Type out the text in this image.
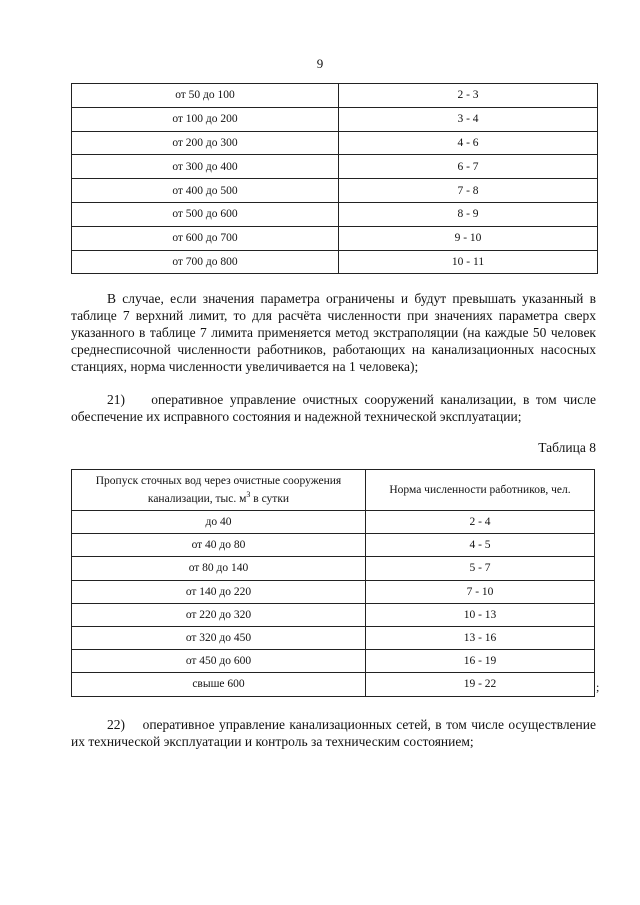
9
от 50 до 100	2 - 3
от 100 до 200	3 - 4
от 200 до 300	4 - 6
от 300 до 400	6 - 7
от 400 до 500	7 - 8
от 500 до 600	8 - 9
от 600 до 700	9 - 10
от 700 до 800	10 - 11

В случае, если значения параметра ограничены и будут превышать указанный в таблице 7 верхний лимит, то для расчёта численности при значениях параметра сверх указанного в таблице 7 лимита применяется метод экстраполяции (на каждые 50 человек среднесписочной численности работников, работающих на канализационных насосных станциях, норма численности увеличивается на 1 человека);

21)    оперативное управление очистных сооружений канализации, в том числе обеспечение их исправного состояния и надежной технической эксплуатации;

Таблица 8
Пропуск сточных вод через очистные сооружения
канализации, тыс. $м^3$ в сутки	Норма численности работников, чел.
до 40	2 - 4
от 40 до 80	4 - 5
от 80 до 140	5 - 7
от 140 до 220	7 - 10
от 220 до 320	10 - 13
от 320 до 450	13 - 16
от 450 до 600	16 - 19
свыше 600	19 - 22	;

22)    оперативное управление канализационных сетей, в том числе осуществление их технической эксплуатации и контроль за техническим состоянием;
